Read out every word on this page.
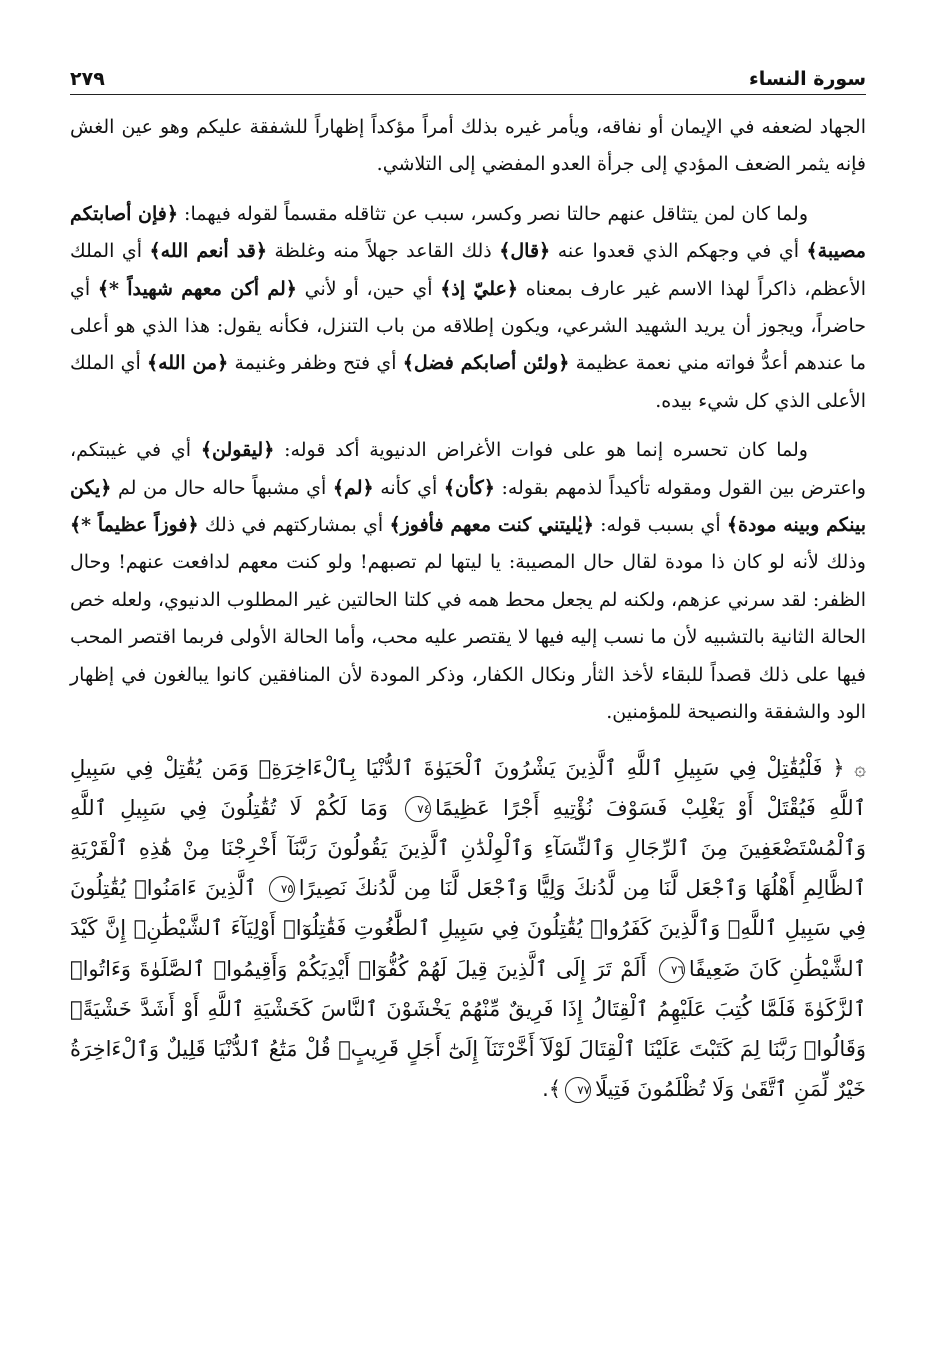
سورة النساء
٢٧٩

الجهاد لضعفه في الإيمان أو نفاقه، ويأمر غيره بذلك أمراً مؤكداً إظهاراً للشفقة عليكم وهو عين الغش فإنه يثمر الضعف المؤدي إلى جرأة العدو المفضي إلى التلاشي.

ولما كان لمن يتثاقل عنهم حالتا نصر وكسر، سبب عن تثاقله مقسماً لقوله فيهما: ﴿فإن أصابتكم مصيبة﴾ أي في وجهكم الذي قعدوا عنه ﴿قال﴾ ذلك القاعد جهلاً منه وغلظة ﴿قد أنعم الله﴾ أي الملك الأعظم، ذاكراً لهذا الاسم غير عارف بمعناه ﴿عليّ إذ﴾ أي حين، أو لأني ﴿لم أكن معهم شهيداً *﴾ أي حاضراً، ويجوز أن يريد الشهيد الشرعي، ويكون إطلاقه من باب التنزل، فكأنه يقول: هذا الذي هو أعلى ما عندهم أعدُّ فواته مني نعمة عظيمة ﴿ولئن أصابكم فضل﴾ أي فتح وظفر وغنيمة ﴿من الله﴾ أي الملك الأعلى الذي كل شيء بيده.

ولما كان تحسره إنما هو على فوات الأغراض الدنيوية أكد قوله: ﴿ليقولن﴾ أي في غيبتكم، واعترض بين القول ومقوله تأكيداً لذمهم بقوله: ﴿كأن﴾ أي كأنه ﴿لم﴾ أي مشبهاً حاله حال من لم ﴿يكن بينكم وبينه مودة﴾ أي بسبب قوله: ﴿يٰليتني كنت معهم فأفوز﴾ أي بمشاركتهم في ذلك ﴿فوزاً عظيماً *﴾ وذلك لأنه لو كان ذا مودة لقال حال المصيبة: يا ليتها لم تصبهم! ولو كنت معهم لدافعت عنهم! وحال الظفر: لقد سرني عزهم، ولكنه لم يجعل محط همه في كلتا الحالتين غير المطلوب الدنيوي، ولعله خص الحالة الثانية بالتشبيه لأن ما نسب إليه فيها لا يقتصر عليه محب، وأما الحالة الأولى فربما اقتصر المحب فيها على ذلك قصداً للبقاء لأخذ الثأر ونكال الكفار، وذكر المودة لأن المنافقين كانوا يبالغون في إظهار الود والشفقة والنصيحة للمؤمنين.

۞ ﴿ فَلْيُقَٰتِلْ فِي سَبِيلِ ٱللَّهِ ٱلَّذِينَ يَشْرُونَ ٱلْحَيَوٰةَ ٱلدُّنْيَا بِٱلْءَاخِرَةِۚ وَمَن يُقَٰتِلْ فِي سَبِيلِ ٱللَّهِ فَيُقْتَلْ أَوْ يَغْلِبْ فَسَوْفَ نُؤْتِيهِ أَجْرًا عَظِيمًا٧٤ وَمَا لَكُمْ لَا تُقَٰتِلُونَ فِي سَبِيلِ ٱللَّهِ وَٱلْمُسْتَضْعَفِينَ مِنَ ٱلرِّجَالِ وَٱلنِّسَآءِ وَٱلْوِلْدَٰنِ ٱلَّذِينَ يَقُولُونَ رَبَّنَآ أَخْرِجْنَا مِنْ هَٰذِهِ ٱلْقَرْيَةِ ٱلظَّالِمِ أَهْلُهَا وَٱجْعَل لَّنَا مِن لَّدُنكَ وَلِيًّا وَٱجْعَل لَّنَا مِن لَّدُنكَ نَصِيرًا٧٥ ٱلَّذِينَ ءَامَنُوا۟ يُقَٰتِلُونَ فِي سَبِيلِ ٱللَّهِۖ وَٱلَّذِينَ كَفَرُوا۟ يُقَٰتِلُونَ فِي سَبِيلِ ٱلطَّٰغُوتِ فَقَٰتِلُوٓا۟ أَوْلِيَآءَ ٱلشَّيْطَٰنِۖ إِنَّ كَيْدَ ٱلشَّيْطَٰنِ كَانَ ضَعِيفًا٧٦ أَلَمْ تَرَ إِلَى ٱلَّذِينَ قِيلَ لَهُمْ كُفُّوٓا۟ أَيْدِيَكُمْ وَأَقِيمُوا۟ ٱلصَّلَوٰةَ وَءَاتُوا۟ ٱلزَّكَوٰةَ فَلَمَّا كُتِبَ عَلَيْهِمُ ٱلْقِتَالُ إِذَا فَرِيقٌ مِّنْهُمْ يَخْشَوْنَ ٱلنَّاسَ كَخَشْيَةِ ٱللَّهِ أَوْ أَشَدَّ خَشْيَةًۚ وَقَالُوا۟ رَبَّنَا لِمَ كَتَبْتَ عَلَيْنَا ٱلْقِتَالَ لَوْلَآ أَخَّرْتَنَآ إِلَىٰٓ أَجَلٍ قَرِيبٍۗ قُلْ مَتَٰعُ ٱلدُّنْيَا قَلِيلٌ وَٱلْءَاخِرَةُ خَيْرٌ لِّمَنِ ٱتَّقَىٰ وَلَا تُظْلَمُونَ فَتِيلًا٧٧﴾.
